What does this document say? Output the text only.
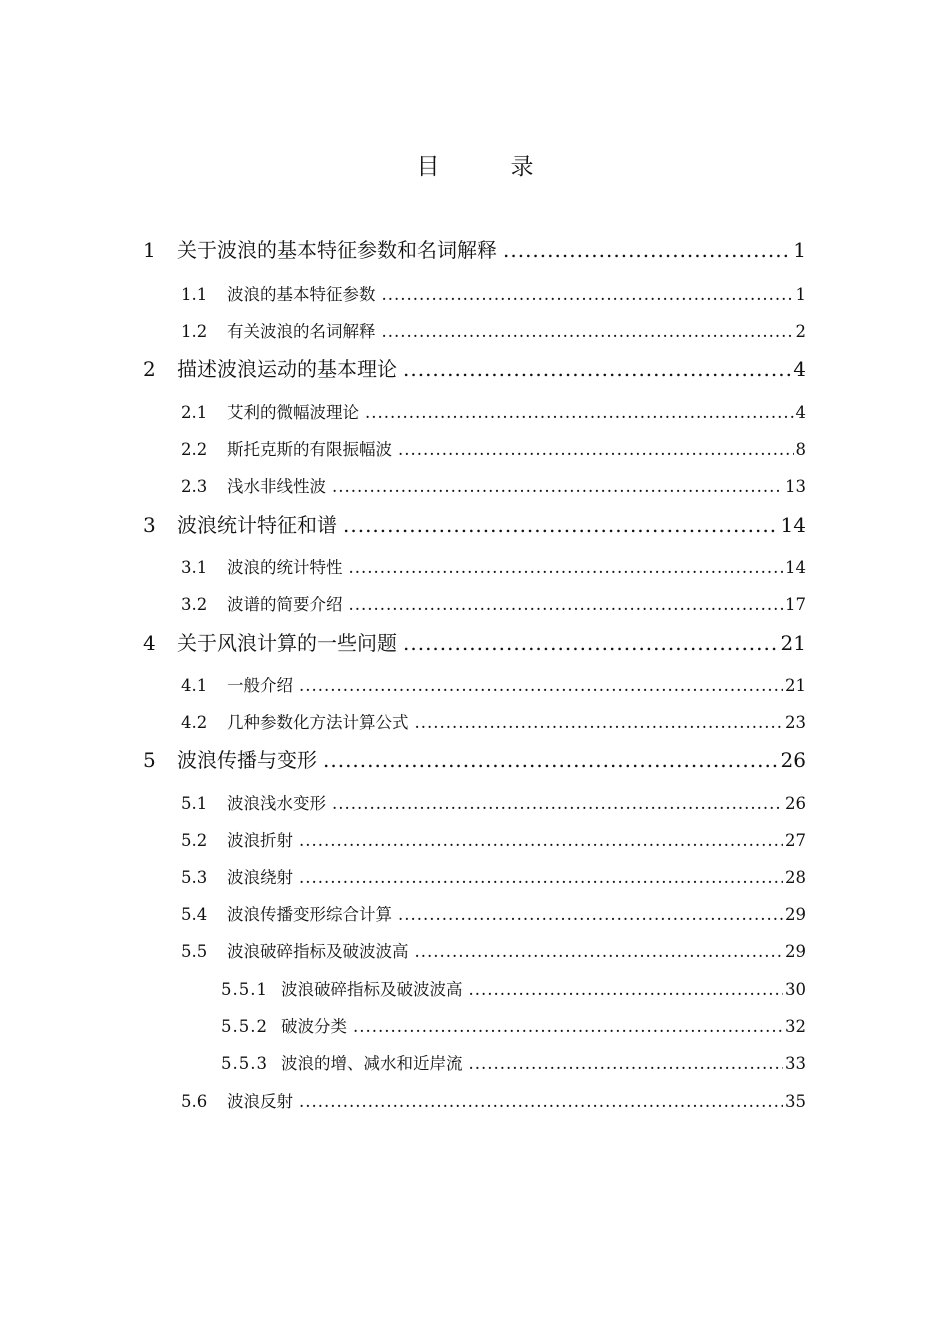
目　录
1	关于波浪的基本特征参数和名词解释 .....	1
1.1	波浪的基本特征参数 .....	1
1.2	有关波浪的名词解释 .....	2
2	描述波浪运动的基本理论 .....	4
2.1	艾利的微幅波理论 .....	4
2.2	斯托克斯的有限振幅波 .....	8
2.3	浅水非线性波 .....	13
3	波浪统计特征和谱 .....	14
3.1	波浪的统计特性 .....	14
3.2	波谱的简要介绍 .....	17
4	关于风浪计算的一些问题 .....	21
4.1	一般介绍 .....	21
4.2	几种参数化方法计算公式 .....	23
5	波浪传播与变形 .....	26
5.1	波浪浅水变形 .....	26
5.2	波浪折射 .....	27
5.3	波浪绕射 .....	28
5.4	波浪传播变形综合计算 .....	29
5.5	波浪破碎指标及破波波高 .....	29
5.5.1 波浪破碎指标及破波波高 .....	30
5.5.2 破波分类 .....	32
5.5.3 波浪的增、减水和近岸流 .....	33
5.6	波浪反射 .....	35
